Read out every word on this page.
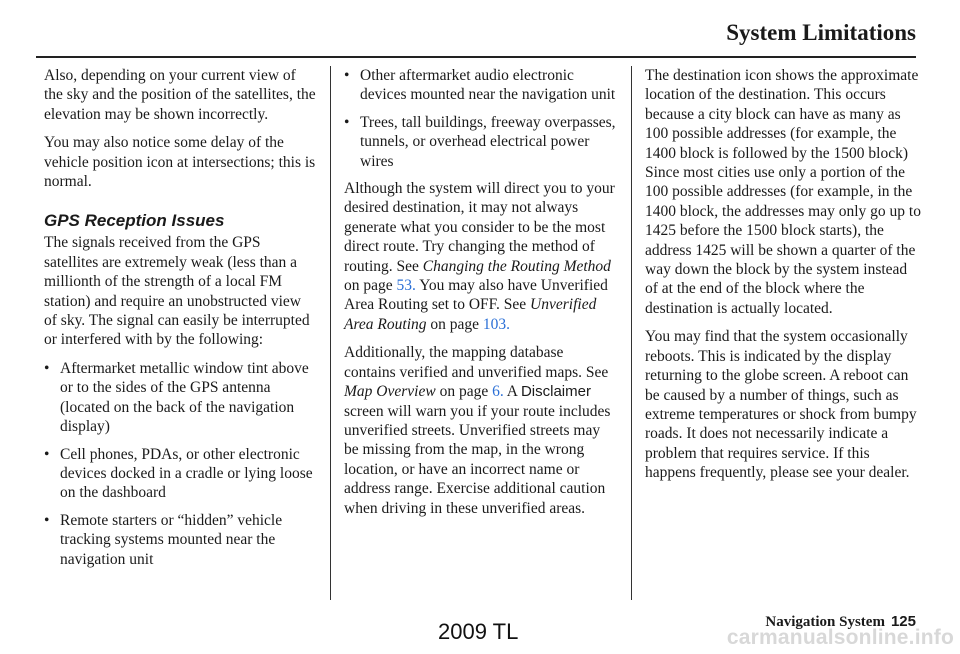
System Limitations

Also, depending on your current view of the sky and the position of the satellites, the elevation may be shown incorrectly.

You may also notice some delay of the vehicle position icon at intersections; this is normal.

GPS Reception Issues

The signals received from the GPS satellites are extremely weak (less than a millionth of the strength of a local FM station) and require an unobstructed view of sky. The signal can easily be interrupted or interfered with by the following:

• Aftermarket metallic window tint above or to the sides of the GPS antenna (located on the back of the navigation display)
• Cell phones, PDAs, or other electronic devices docked in a cradle or lying loose on the dashboard
• Remote starters or “hidden” vehicle tracking systems mounted near the navigation unit
• Other aftermarket audio electronic devices mounted near the navigation unit
• Trees, tall buildings, freeway overpasses, tunnels, or overhead electrical power wires

Although the system will direct you to your desired destination, it may not always generate what you consider to be the most direct route. Try changing the method of routing. See Changing the Routing Method on page 53. You may also have Unverified Area Routing set to OFF. See Unverified Area Routing on page 103.

Additionally, the mapping database contains verified and unverified maps. See Map Overview on page 6. A Disclaimer screen will warn you if your route includes unverified streets. Unverified streets may be missing from the map, in the wrong location, or have an incorrect name or address range. Exercise additional caution when driving in these unverified areas.

The destination icon shows the approximate location of the destination. This occurs because a city block can have as many as 100 possible addresses (for example, the 1400 block is followed by the 1500 block) Since most cities use only a portion of the 100 possible addresses (for example, in the 1400 block, the addresses may only go up to 1425 before the 1500 block starts), the address 1425 will be shown a quarter of the way down the block by the system instead of at the end of the block where the destination is actually located.

You may find that the system occasionally reboots. This is indicated by the display returning to the globe screen. A reboot can be caused by a number of things, such as extreme temperatures or shock from bumpy roads. It does not necessarily indicate a problem that requires service. If this happens frequently, please see your dealer.

Navigation System 125
2009 TL	carmanualsonline.info
